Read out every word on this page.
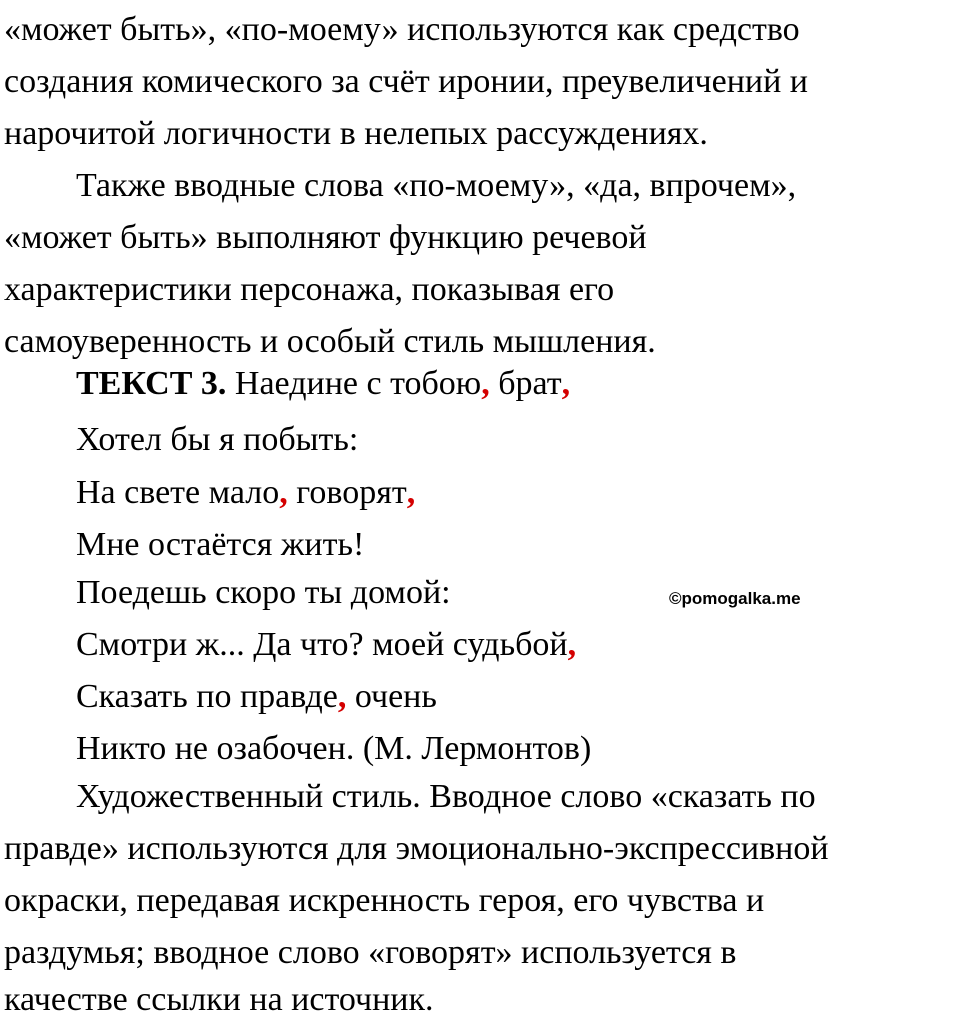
«может быть», «по-моему» используются как средство
создания комического за счёт иронии, преувеличений и
нарочитой логичности в нелепых рассуждениях.
Также вводные слова «по-моему», «да, впрочем»,
«может быть» выполняют функцию речевой
характеристики персонажа, показывая его
самоуверенность и особый стиль мышления.
ТЕКСТ 3. Наедине с тобою, брат,
Хотел бы я побыть:
На свете мало, говорят,
Мне остаётся жить!
Поедешь скоро ты домой:
Смотри ж... Да что? моей судьбой,
Сказать по правде, очень
Никто не озабочен. (М. Лермонтов)
Художественный стиль. Вводное слово «сказать по
правде» используются для эмоционально-экспрессивной
окраски, передавая искренность героя, его чувства и
раздумья; вводное слово «говорят» используется в
качестве ссылки на источник.
©pomogalka.me
